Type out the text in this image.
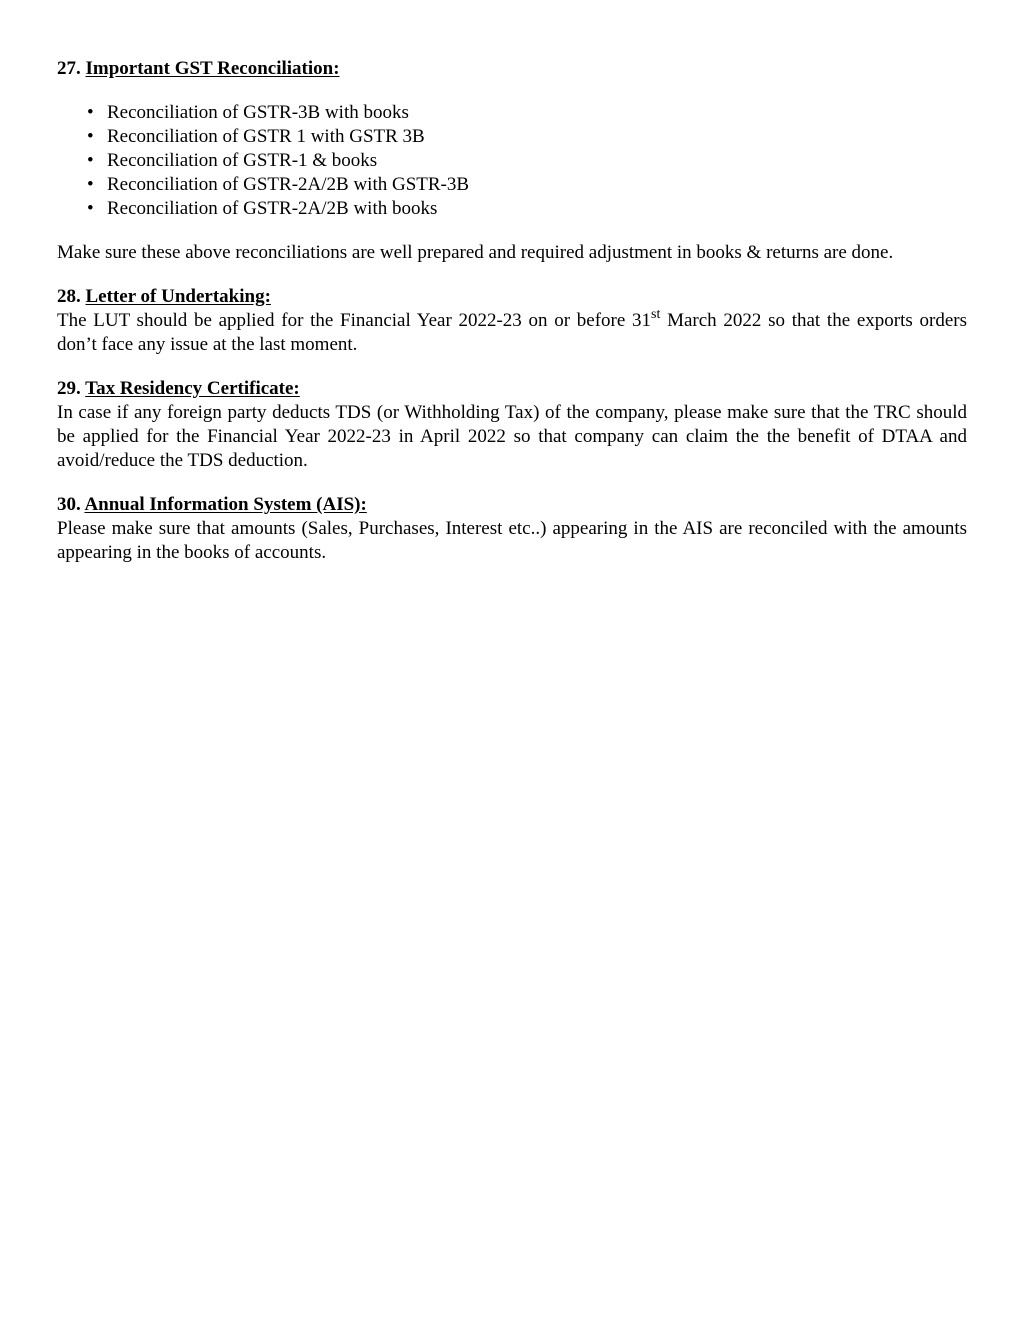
27. Important GST Reconciliation:

• Reconciliation of GSTR-3B with books
• Reconciliation of GSTR 1 with GSTR 3B
• Reconciliation of GSTR-1 & books
• Reconciliation of GSTR-2A/2B with GSTR-3B
• Reconciliation of GSTR-2A/2B with books

Make sure these above reconciliations are well prepared and required adjustment in books & returns are done.

28. Letter of Undertaking:

The LUT should be applied for the Financial Year 2022-23 on or before 31st March 2022 so that the exports orders don’t face any issue at the last moment.

29. Tax Residency Certificate:

In case if any foreign party deducts TDS (or Withholding Tax) of the company, please make sure that the TRC should be applied for the Financial Year 2022-23 in April 2022 so that company can claim the the benefit of DTAA and avoid/reduce the TDS deduction.

30. Annual Information System (AIS):

Please make sure that amounts (Sales, Purchases, Interest etc..) appearing in the AIS are reconciled with the amounts appearing in the books of accounts.
